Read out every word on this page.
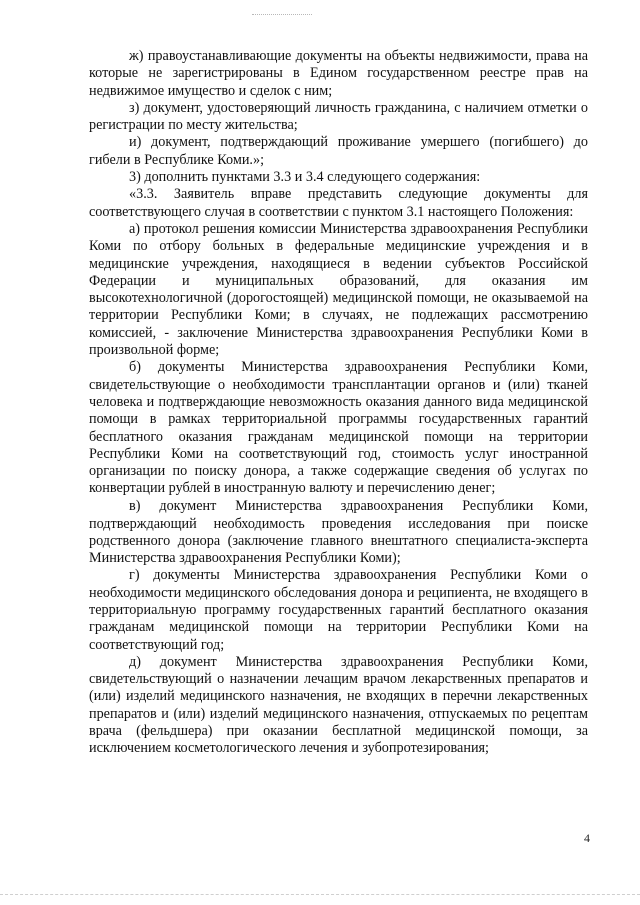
ж) правоустанавливающие документы на объекты недвижимости, права на которые не зарегистрированы в Едином государственном реестре прав на недвижимое имущество и сделок с ним;

з) документ, удостоверяющий личность гражданина, с наличием отметки о регистрации по месту жительства;

и) документ, подтверждающий проживание умершего (погибшего) до гибели в Республике Коми.»;

3) дополнить пунктами 3.3 и 3.4 следующего содержания:

«3.3. Заявитель вправе представить следующие документы для соответствующего случая в соответствии с пунктом 3.1 настоящего Положения:

а) протокол решения комиссии Министерства здравоохранения Республики Коми по отбору больных в федеральные медицинские учреждения и в медицинские учреждения, находящиеся в ведении субъектов Российской Федерации и муниципальных образований, для оказания им высокотехнологичной (дорогостоящей) медицинской помощи, не оказываемой на территории Республики Коми; в случаях, не подлежащих рассмотрению комиссией, - заключение Министерства здравоохранения Республики Коми в произвольной форме;

б) документы Министерства здравоохранения Республики Коми, свидетельствующие о необходимости трансплантации органов и (или) тканей человека и подтверждающие невозможность оказания данного вида медицинской помощи в рамках территориальной программы государственных гарантий бесплатного оказания гражданам медицинской помощи на территории Республики Коми на соответствующий год, стоимость услуг иностранной организации по поиску донора, а также содержащие сведения об услугах по конвертации рублей в иностранную валюту и перечислению денег;

в) документ Министерства здравоохранения Республики Коми, подтверждающий необходимость проведения исследования при поиске родственного донора (заключение главного внештатного специалиста-эксперта Министерства здравоохранения Республики Коми);

г) документы Министерства здравоохранения Республики Коми о необходимости медицинского обследования донора и реципиента, не входящего в территориальную программу государственных гарантий бесплатного оказания гражданам медицинской помощи на территории Республики Коми на соответствующий год;

д) документ Министерства здравоохранения Республики Коми, свидетельствующий о назначении лечащим врачом лекарственных препаратов и (или) изделий медицинского назначения, не входящих в перечни лекарственных препаратов и (или) изделий медицинского назначения, отпускаемых по рецептам врача (фельдшера) при оказании бесплатной медицинской помощи, за исключением косметологического лечения и зубопротезирования;

4
